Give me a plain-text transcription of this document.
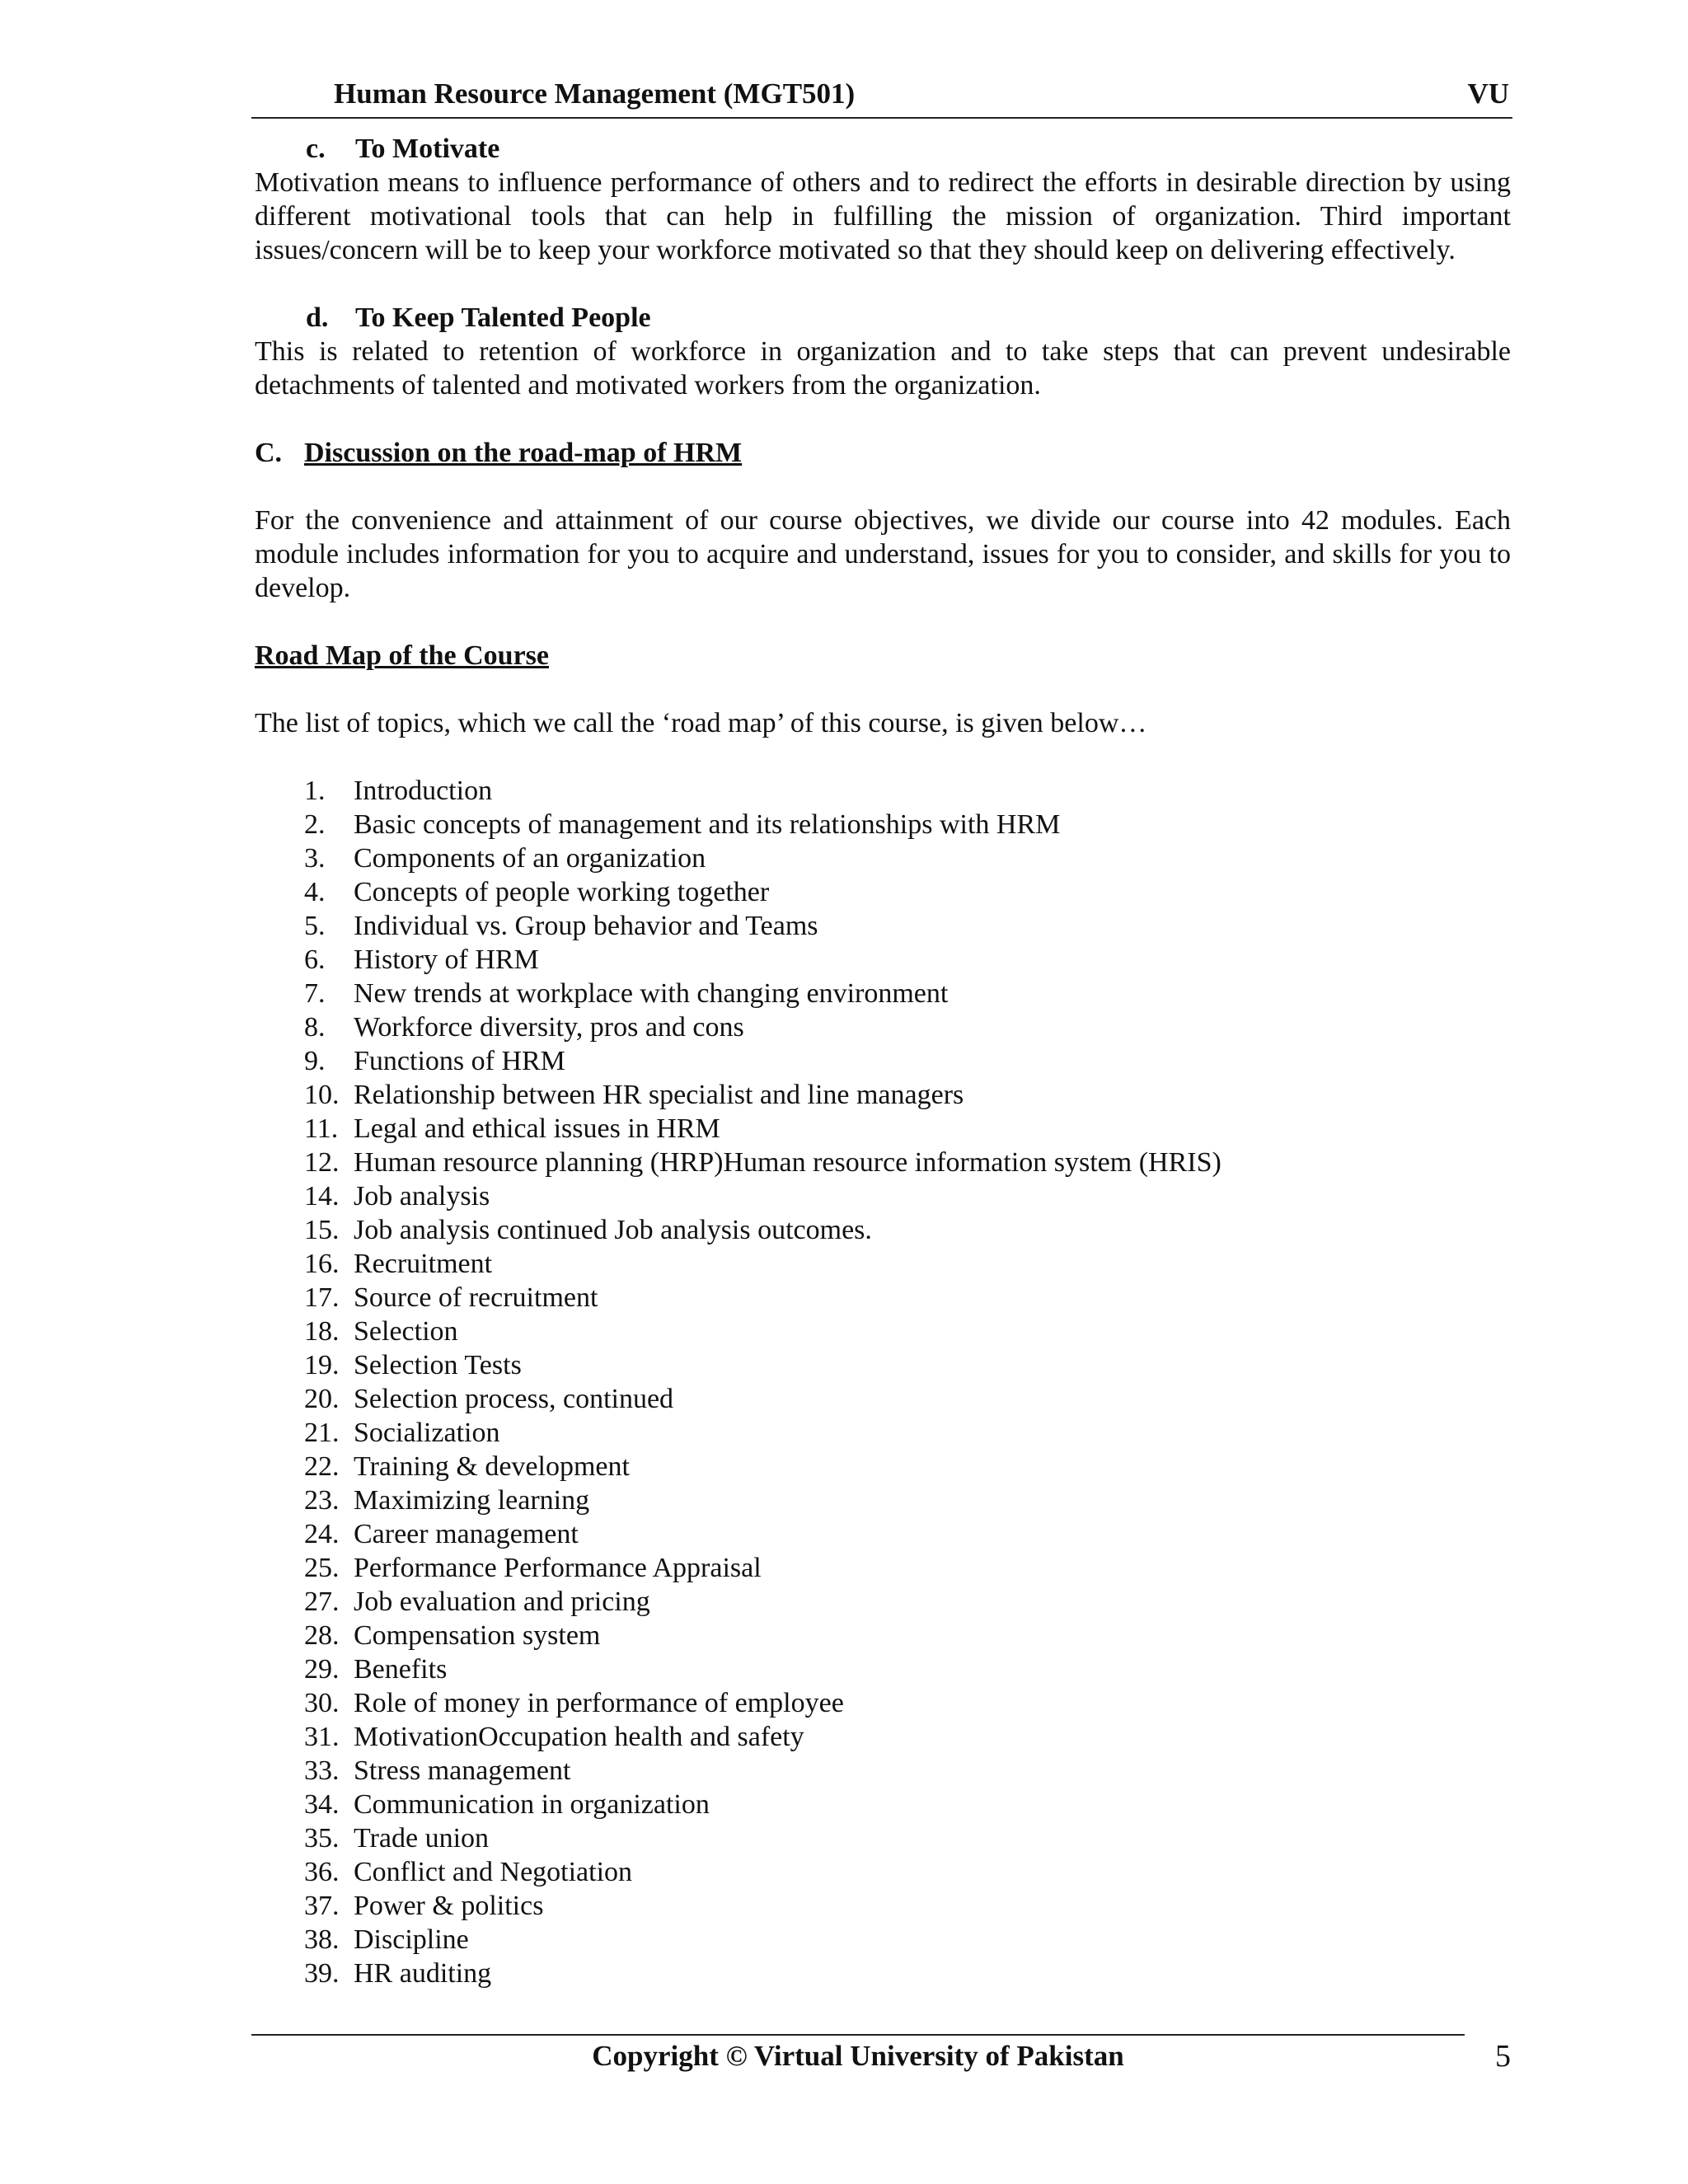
Human Resource Management (MGT501)	VU

c. To Motivate

Motivation means to influence performance of others and to redirect the efforts in desirable direction by using different motivational tools that can help in fulfilling the mission of organization. Third important issues/concern will be to keep your workforce motivated so that they should keep on delivering effectively.

d. To Keep Talented People

This is related to retention of workforce in organization and to take steps that can prevent undesirable detachments of talented and motivated workers from the organization.

C. Discussion on the road-map of HRM

For the convenience and attainment of our course objectives, we divide our course into 42 modules. Each module includes information for you to acquire and understand, issues for you to consider, and skills for you to develop.

Road Map of the Course

The list of topics, which we call the ‘road map’ of this course, is given below…

1.	Introduction
2.	Basic concepts of management and its relationships with HRM
3.	Components of an organization
4.	Concepts of people working together
5.	Individual vs. Group behavior and Teams
6.	History of HRM
7.	New trends at workplace with changing environment
8.	Workforce diversity, pros and cons
9.	Functions of HRM
10. Relationship between HR specialist and line managers
11. Legal and ethical issues in HRM
12. Human resource planning (HRP)Human resource information system (HRIS)
14. Job analysis
15. Job analysis continued Job analysis outcomes.
16. Recruitment
17. Source of recruitment
18. Selection
19. Selection Tests
20. Selection process, continued
21. Socialization
22. Training & development
23. Maximizing learning
24. Career management
25. Performance Performance Appraisal
27. Job evaluation and pricing
28. Compensation system
29. Benefits
30. Role of money in performance of employee
31. MotivationOccupation health and safety
33. Stress management
34. Communication in organization
35. Trade union
36. Conflict and Negotiation
37. Power & politics
38. Discipline
39. HR auditing
Copyright © Virtual University of Pakistan	5
